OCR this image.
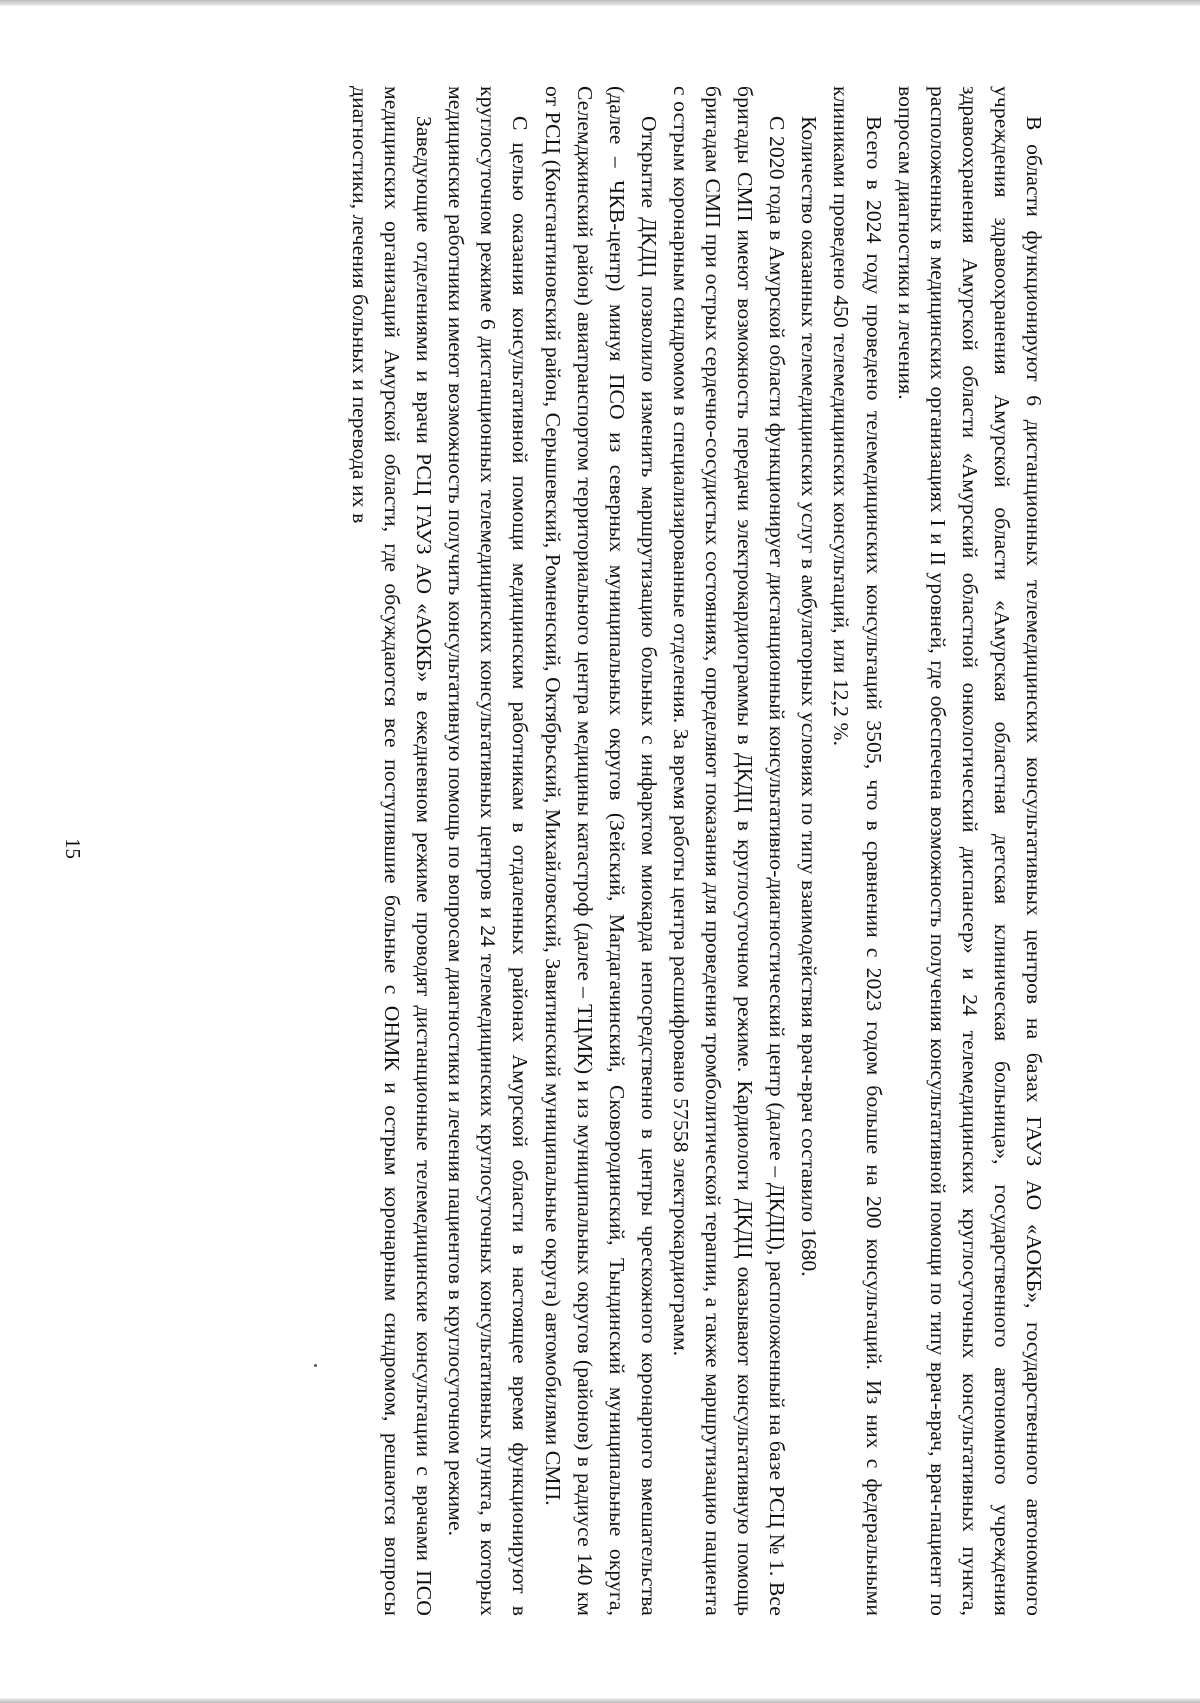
15	В области функционируют 6 дистанционных телемедицинских консультативных центров на базах ГАУЗ АО «АОКБ», государственного автономного учреждения здравоохранения Амурской области «Амурская областная детская клиническая больница», государственного автономного учреждения здравоохранения Амурской области «Амурский областной онкологический диспансер» и 24 телемедицинских круглосуточных консультативных пункта, расположенных в медицинских организациях I и II уровней, где обеспечена возможность получения консультативной помощи по типу врач-врач, врач-пациент по вопросам диагностики и лечения.

Всего в 2024 году проведено телемедицинских консультаций 3505, что в сравнении с 2023 годом больше на 200 консультаций. Из них с федеральными клиниками проведено 450 телемедицинских консультаций, или 12,2 %.

Количество оказанных телемедицинских услуг в амбулаторных условиях по типу взаимодействия врач-врач составило 1680.

С 2020 года в Амурской области функционирует дистанционный консультативно-диагностический центр (далее – ДКДЦ), расположенный на базе РСЦ № 1. Все бригады СМП имеют возможность передачи электрокардиограммы в ДКДЦ в круглосуточном режиме. Кардиологи ДКДЦ оказывают консультативную помощь бригадам СМП при острых сердечно-сосудистых состояниях, определяют показания для проведения тромболитической терапии, а также маршрутизацию пациента с острым коронарным синдромом в специализированные отделения. За время работы центра расшифровано 57558 электрокардиограмм.

Открытие ДКДЦ позволило изменить маршрутизацию больных с инфарктом миокарда непосредственно в центры чрескожного коронарного вмешательства (далее – ЧКВ-центр) минуя ПСО из северных муниципальных округов (Зейский, Магдагачинский, Сковородинский, Тындинский муниципальные округа, Селемджинский район) авиатранспортом территориального центра медицины катастроф (далее – ТЦМК) и из муниципальных округов (районов) в радиусе 140 км от РСЦ (Константиновский район, Серышевский, Ромненский, Октябрьский, Михайловский, Завитинский муниципальные округа) автомобилями СМП.

С целью оказания консультативной помощи медицинским работникам в отдаленных районах Амурской области в настоящее время функционируют в круглосуточном режиме 6 дистанционных телемедицинских консультативных центров и 24 телемедицинских круглосуточных консультативных пункта, в которых медицинские работники имеют возможность получить консультативную помощь по вопросам диагностики и лечения пациентов в круглосуточном режиме.

Заведующие отделениями и врачи РСЦ ГАУЗ АО «АОКБ» в ежедневном режиме проводят дистанционные телемедицинские консультации с врачами ПСО медицинских организаций Амурской области, где обсуждаются все поступившие больные с ОНМК и острым коронарным синдромом, решаются вопросы диагностики, лечения больных и перевода их в
